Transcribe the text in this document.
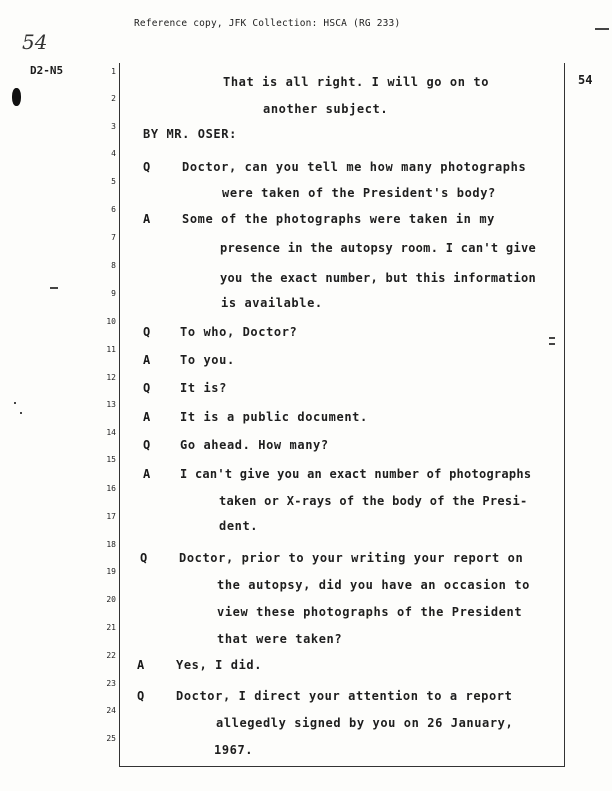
Reference copy, JFK Collection: HSCA (RG 233)
54
D2-N5
54
1
2
3
4
5
6
7
8
9
10
11
12
13
14
15
16
17
18
19
20
21
22
23
24
25
That is all right. I will go on to
another subject.
BY MR. OSER:
Q	Doctor, can you tell me how many photographs
were taken of the President's body?
A	Some of the photographs were taken in my
presence in the autopsy room. I can't give
you the exact number, but this information
is available.
Q To who, Doctor?
A To you.
Q It is?
A It is a public document.
Q Go ahead. How many?
A I can't give you an exact number of photographs
taken or X-rays of the body of the Presi-
dent.
Q	Doctor, prior to your writing your report on
the autopsy, did you have an occasion to
view these photographs of the President
that were taken?
A	Yes, I did.
Q	Doctor, I direct your attention to a report
allegedly signed by you on 26 January,
1967.
